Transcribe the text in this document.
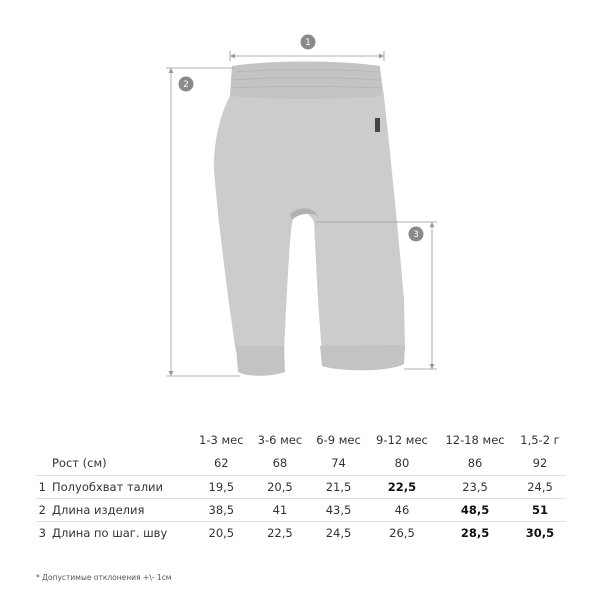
1
2
3
		1-3 мес	3-6 мес	6-9 мес	9-12 мес	12-18 мес	1,5-2 г
	Рост (см)	62	68	74	80	86	92
1	Полуобхват талии	19,5	20,5	21,5	22,5	23,5	24,5
2	Длина изделия	38,5	41	43,5	46	48,5	51
3	Длина по шаг. шву	20,5	22,5	24,5	26,5	28,5	30,5
* Допустимые отклонения +\- 1см
